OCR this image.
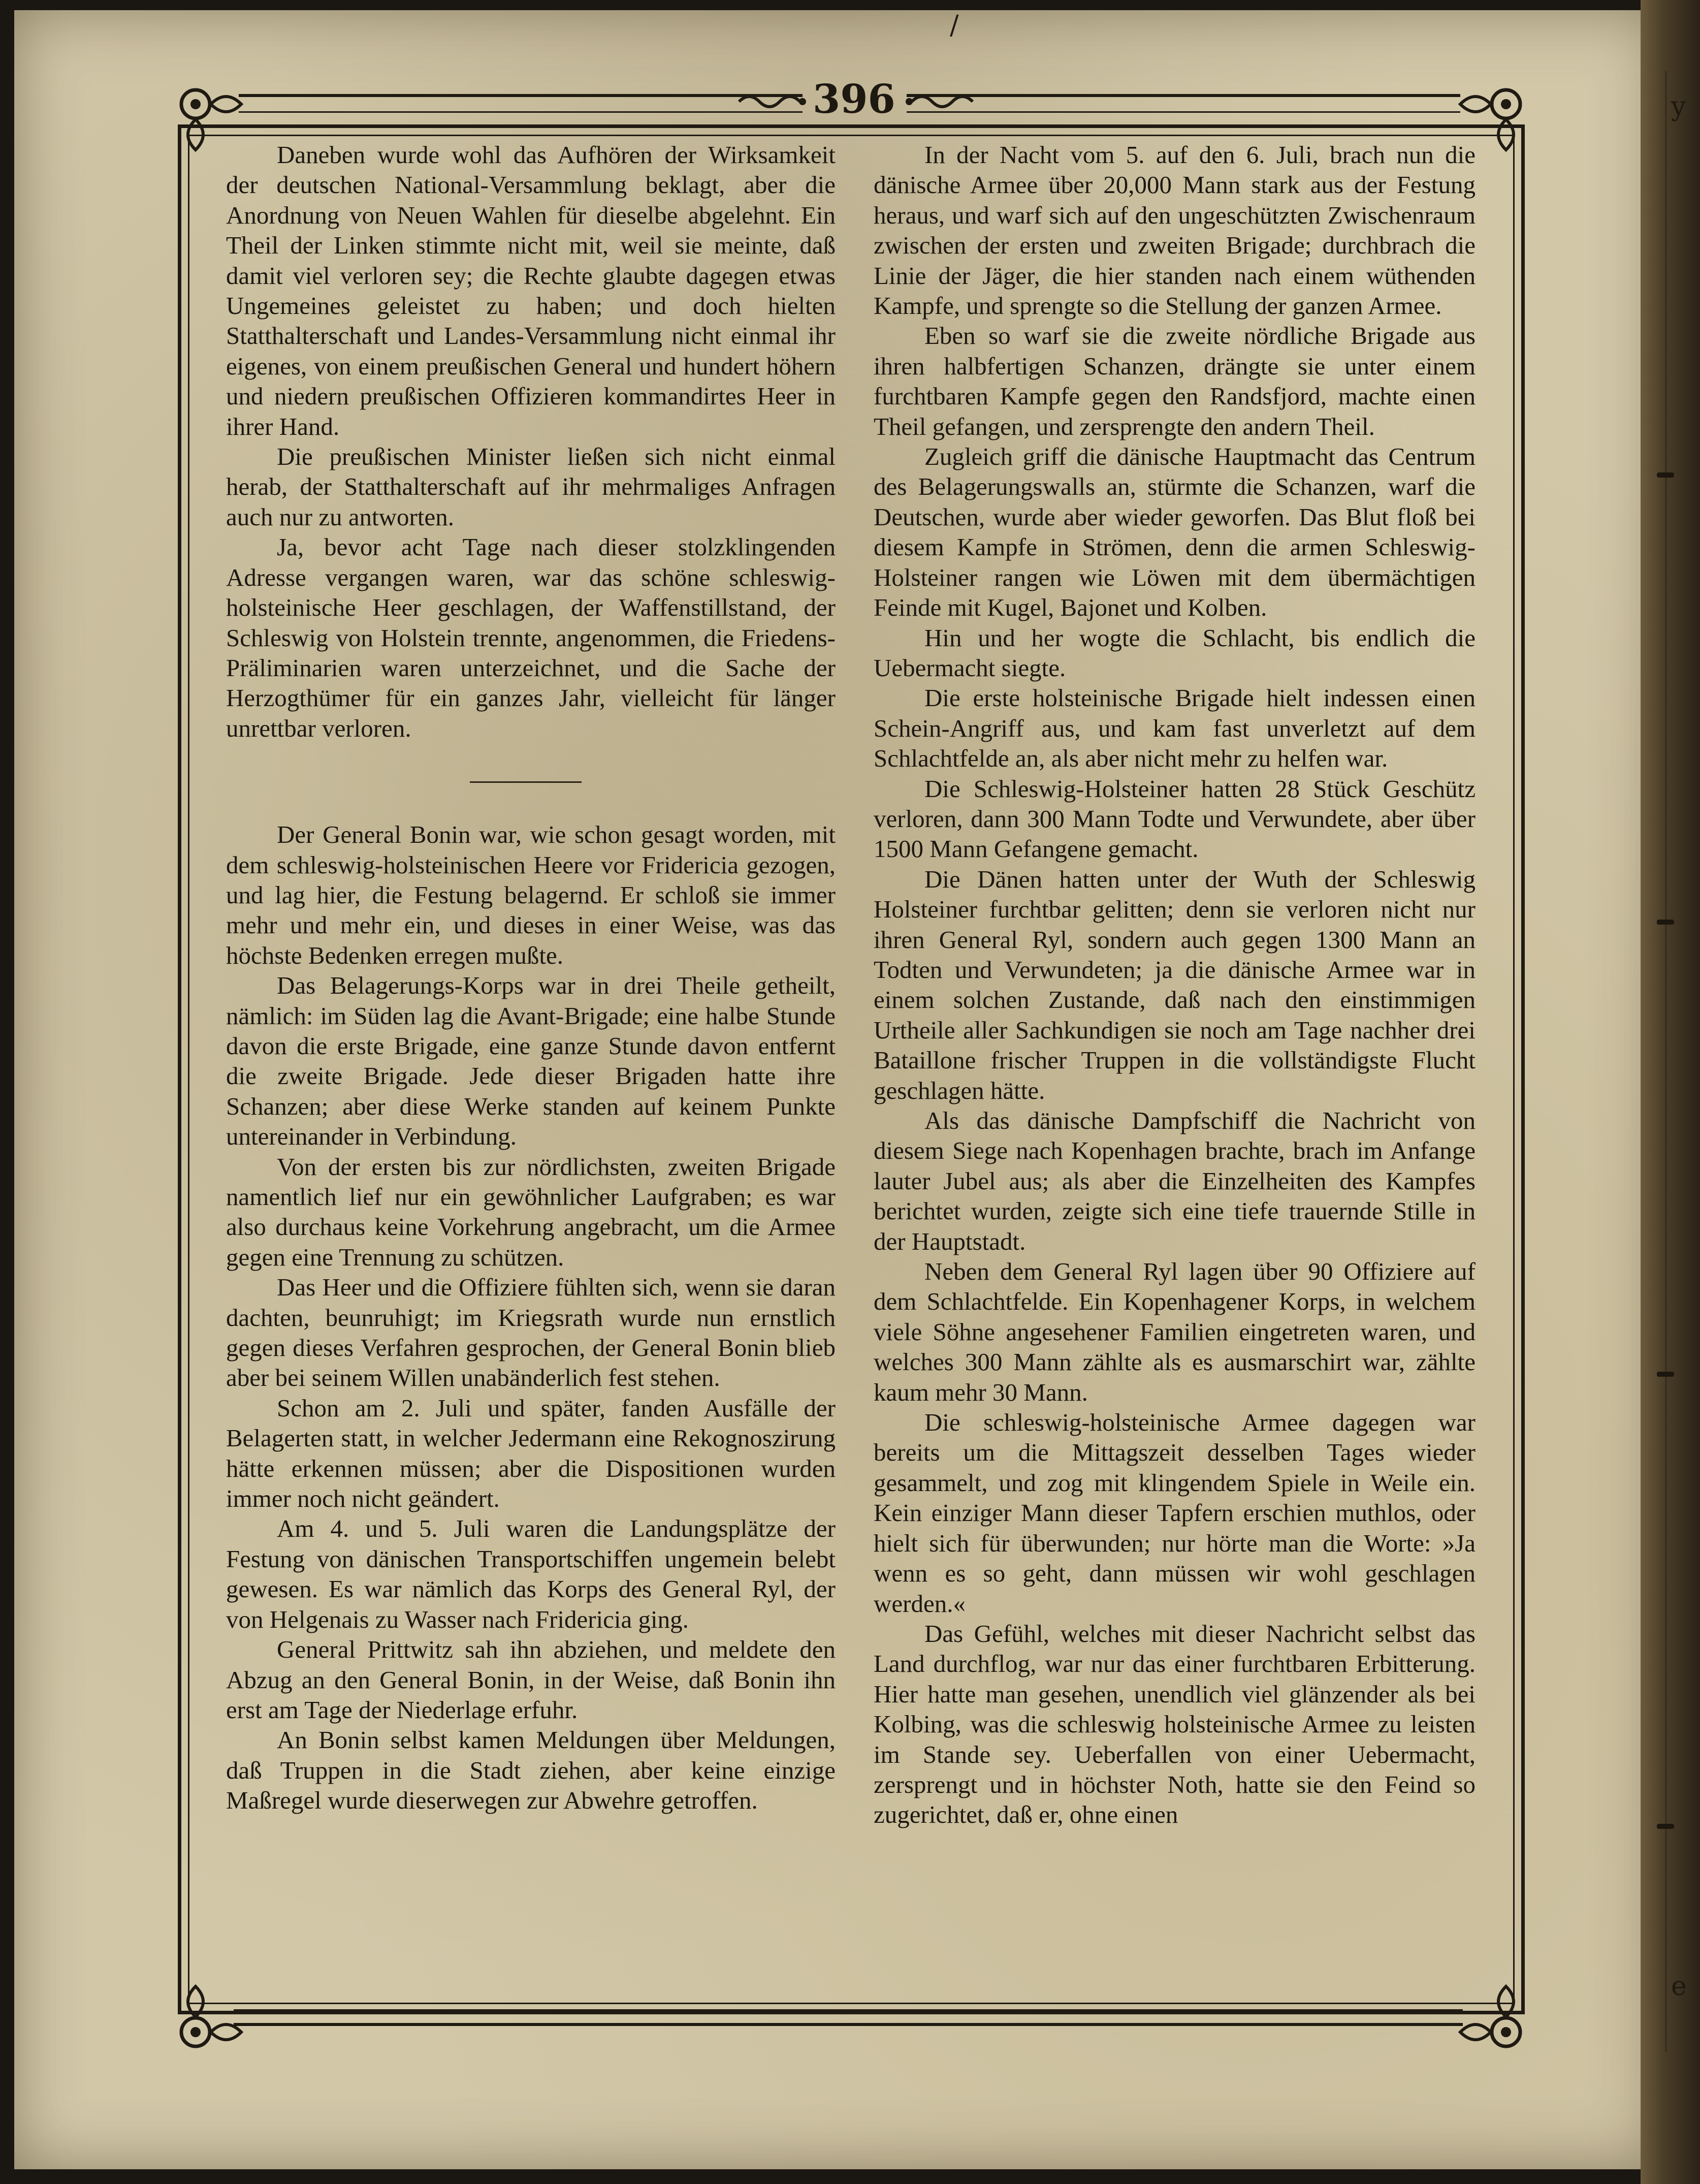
/
y
e
396

Daneben wurde wohl das Aufhören der Wirksamkeit der deutschen National-Versammlung beklagt, aber die Anordnung von Neuen Wahlen für dieselbe abgelehnt. Ein Theil der Linken stimmte nicht mit, weil sie meinte, daß damit viel verloren sey; die Rechte glaubte dagegen etwas Ungemeines geleistet zu haben; und doch hielten Statthalterschaft und Landes-Versammlung nicht einmal ihr eigenes, von einem preußischen General und hundert höhern und niedern preußischen Offizieren kommandirtes Heer in ihrer Hand.

Die preußischen Minister ließen sich nicht einmal herab, der Statthalterschaft auf ihr mehrmaliges Anfragen auch nur zu antworten.

Ja, bevor acht Tage nach dieser stolzklingenden Adresse vergangen waren, war das schöne schleswig-holsteinische Heer geschlagen, der Waffenstillstand, der Schleswig von Holstein trennte, angenommen, die Friedens-Präliminarien waren unterzeichnet, und die Sache der Herzogthümer für ein ganzes Jahr, vielleicht für länger unrettbar verloren.

Der General Bonin war, wie schon gesagt worden, mit dem schleswig-holsteinischen Heere vor Fridericia gezogen, und lag hier, die Festung belagernd. Er schloß sie immer mehr und mehr ein, und dieses in einer Weise, was das höchste Bedenken erregen mußte.

Das Belagerungs-Korps war in drei Theile getheilt, nämlich: im Süden lag die Avant-Brigade; eine halbe Stunde davon die erste Brigade, eine ganze Stunde davon entfernt die zweite Brigade. Jede dieser Brigaden hatte ihre Schanzen; aber diese Werke standen auf keinem Punkte untereinander in Verbindung.

Von der ersten bis zur nördlichsten, zweiten Brigade namentlich lief nur ein gewöhnlicher Laufgraben; es war also durchaus keine Vorkehrung angebracht, um die Armee gegen eine Trennung zu schützen.

Das Heer und die Offiziere fühlten sich, wenn sie daran dachten, beunruhigt; im Kriegsrath wurde nun ernstlich gegen dieses Verfahren gesprochen, der General Bonin blieb aber bei seinem Willen unabänderlich fest stehen.

Schon am 2. Juli und später, fanden Ausfälle der Belagerten statt, in welcher Jedermann eine Rekognoszirung hätte erkennen müssen; aber die Dispositionen wurden immer noch nicht geändert.

Am 4. und 5. Juli waren die Landungsplätze der Festung von dänischen Transportschiffen ungemein belebt gewesen. Es war nämlich das Korps des General Ryl, der von Helgenais zu Wasser nach Fridericia ging.

General Prittwitz sah ihn abziehen, und meldete den Abzug an den General Bonin, in der Weise, daß Bonin ihn erst am Tage der Niederlage erfuhr.

An Bonin selbst kamen Meldungen über Meldungen, daß Truppen in die Stadt ziehen, aber keine einzige Maßregel wurde dieserwegen zur Abwehre getroffen.

In der Nacht vom 5. auf den 6. Juli, brach nun die dänische Armee über 20,000 Mann stark aus der Festung heraus, und warf sich auf den ungeschützten Zwischenraum zwischen der ersten und zweiten Brigade; durchbrach die Linie der Jäger, die hier standen nach einem wüthenden Kampfe, und sprengte so die Stellung der ganzen Armee.

Eben so warf sie die zweite nördliche Brigade aus ihren halbfertigen Schanzen, drängte sie unter einem furchtbaren Kampfe gegen den Randsfjord, machte einen Theil gefangen, und zersprengte den andern Theil.

Zugleich griff die dänische Hauptmacht das Centrum des Belagerungswalls an, stürmte die Schanzen, warf die Deutschen, wurde aber wieder geworfen. Das Blut floß bei diesem Kampfe in Strömen, denn die armen Schleswig-Holsteiner rangen wie Löwen mit dem übermächtigen Feinde mit Kugel, Bajonet und Kolben.

Hin und her wogte die Schlacht, bis endlich die Uebermacht siegte.

Die erste holsteinische Brigade hielt indessen einen Schein-Angriff aus, und kam fast unverletzt auf dem Schlachtfelde an, als aber nicht mehr zu helfen war.

Die Schleswig-Holsteiner hatten 28 Stück Geschütz verloren, dann 300 Mann Todte und Verwundete, aber über 1500 Mann Gefangene gemacht.

Die Dänen hatten unter der Wuth der Schleswig Holsteiner furchtbar gelitten; denn sie verloren nicht nur ihren General Ryl, sondern auch gegen 1300 Mann an Todten und Verwundeten; ja die dänische Armee war in einem solchen Zustande, daß nach den einstimmigen Urtheile aller Sachkundigen sie noch am Tage nachher drei Bataillone frischer Truppen in die vollständigste Flucht geschlagen hätte.

Als das dänische Dampfschiff die Nachricht von diesem Siege nach Kopenhagen brachte, brach im Anfange lauter Jubel aus; als aber die Einzelheiten des Kampfes berichtet wurden, zeigte sich eine tiefe trauernde Stille in der Hauptstadt.

Neben dem General Ryl lagen über 90 Offiziere auf dem Schlachtfelde. Ein Kopenhagener Korps, in welchem viele Söhne angesehener Familien eingetreten waren, und welches 300 Mann zählte als es ausmarschirt war, zählte kaum mehr 30 Mann.

Die schleswig-holsteinische Armee dagegen war bereits um die Mittagszeit desselben Tages wieder gesammelt, und zog mit klingendem Spiele in Weile ein. Kein einziger Mann dieser Tapfern erschien muthlos, oder hielt sich für überwunden; nur hörte man die Worte: »Ja wenn es so geht, dann müssen wir wohl geschlagen werden.«

Das Gefühl, welches mit dieser Nachricht selbst das Land durchflog, war nur das einer furchtbaren Erbitterung. Hier hatte man gesehen, unendlich viel glänzender als bei Kolbing, was die schleswig holsteinische Armee zu leisten im Stande sey. Ueberfallen von einer Uebermacht, zersprengt und in höchster Noth, hatte sie den Feind so zugerichtet, daß er, ohne einen
